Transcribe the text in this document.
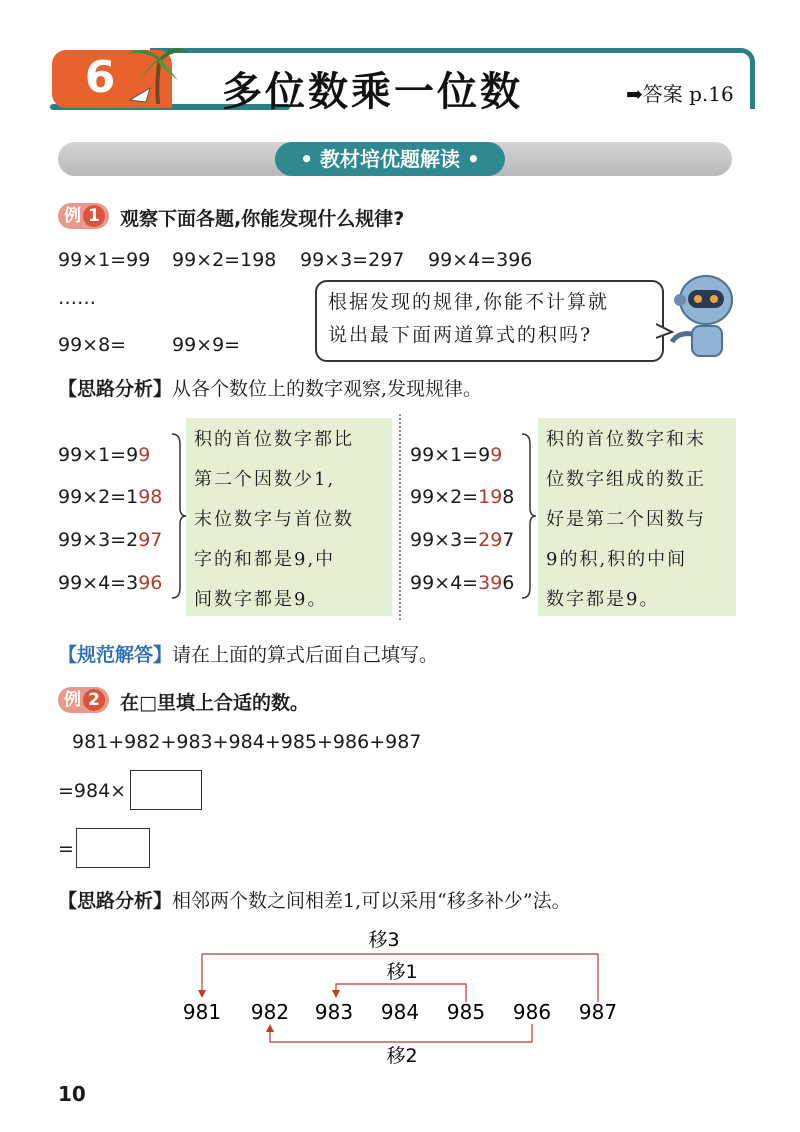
6	多位数乘一位数	➡答案 p.16
• 教材培优题解读 •
例 1	观察下面各题,你能发现什么规律?
99×1=99 99×2=198 99×3=297 99×4=396
……
99×8= 99×9=
根据发现的规律,你能不计算就
说出最下面两道算式的积吗?
【思路分析】从各个数位上的数字观察,发现规律。
99×1=99
99×2=198
99×3=297
99×4=396
积的首位数字都比
第二个因数少1,
末位数字与首位数
字的和都是9,中
间数字都是9。
99×1=99
99×2=198
99×3=297
99×4=396
积的首位数字和末
位数字组成的数正
好是第二个因数与
9的积,积的中间
数字都是9。
【规范解答】请在上面的算式后面自己填写。
例 2	在□里填上合适的数。
981+982+983+984+985+986+987
=984×
=
【思路分析】相邻两个数之间相差1,可以采用“移多补少”法。
移3
移1
移2
981 982 983 984 985 986 987
10
